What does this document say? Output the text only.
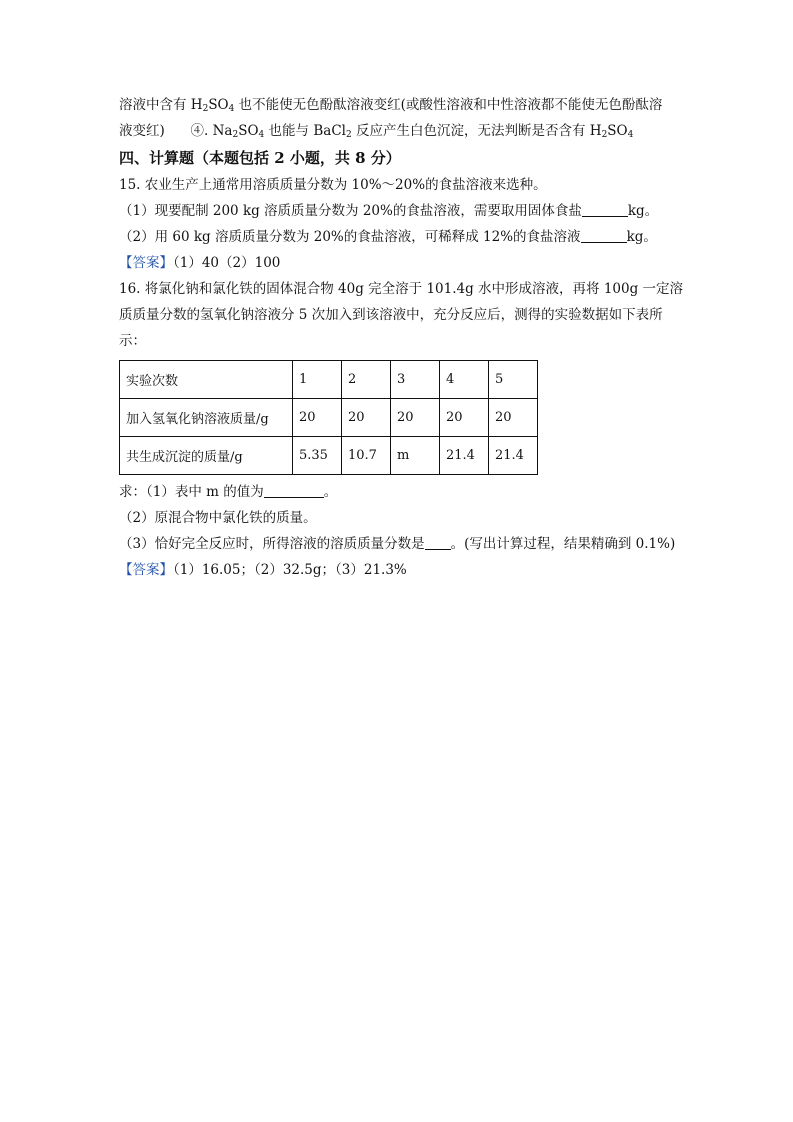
溶液中含有 $H_2SO_4$ 也不能使无色酚酞溶液变红(或酸性溶液和中性溶液都不能使无色酚酞溶
液变红)      ④. $Na_2SO_4$ 也能与 BaCl$_2$ 反应产生白色沉淀，无法判断是否含有 $H_2SO_4$
四、计算题（本题包括 2 小题，共 8 分）
15. 农业生产上通常用溶质质量分数为 10%～20%的食盐溶液来选种。
（1）现要配制 200 kg 溶质质量分数为 20%的食盐溶液，需要取用固体食盐	kg。
（2）用 60 kg 溶质质量分数为 20%的食盐溶液，可稀释成 12%的食盐溶液	kg。
【答案】（1）40（2）100
16. 将氯化钠和氯化铁的固体混合物 40g 完全溶于 101.4g 水中形成溶液，再将 100g 一定溶
质质量分数的氢氧化钠溶液分 5 次加入到该溶液中，充分反应后，测得的实验数据如下表所
示：
实验次数	1	2	3	4	5
加入氢氧化钠溶液质量/g	20	20	20	20	20
共生成沉淀的质量/g	5.35	10.7	m	21.4	21.4
求：（1）表中 m 的值为	。
（2）原混合物中氯化铁的质量。
（3）恰好完全反应时，所得溶液的溶质质量分数是 。(写出计算过程，结果精确到 0.1%)
【答案】（1）16.05；（2）32.5g；（3）21.3%
